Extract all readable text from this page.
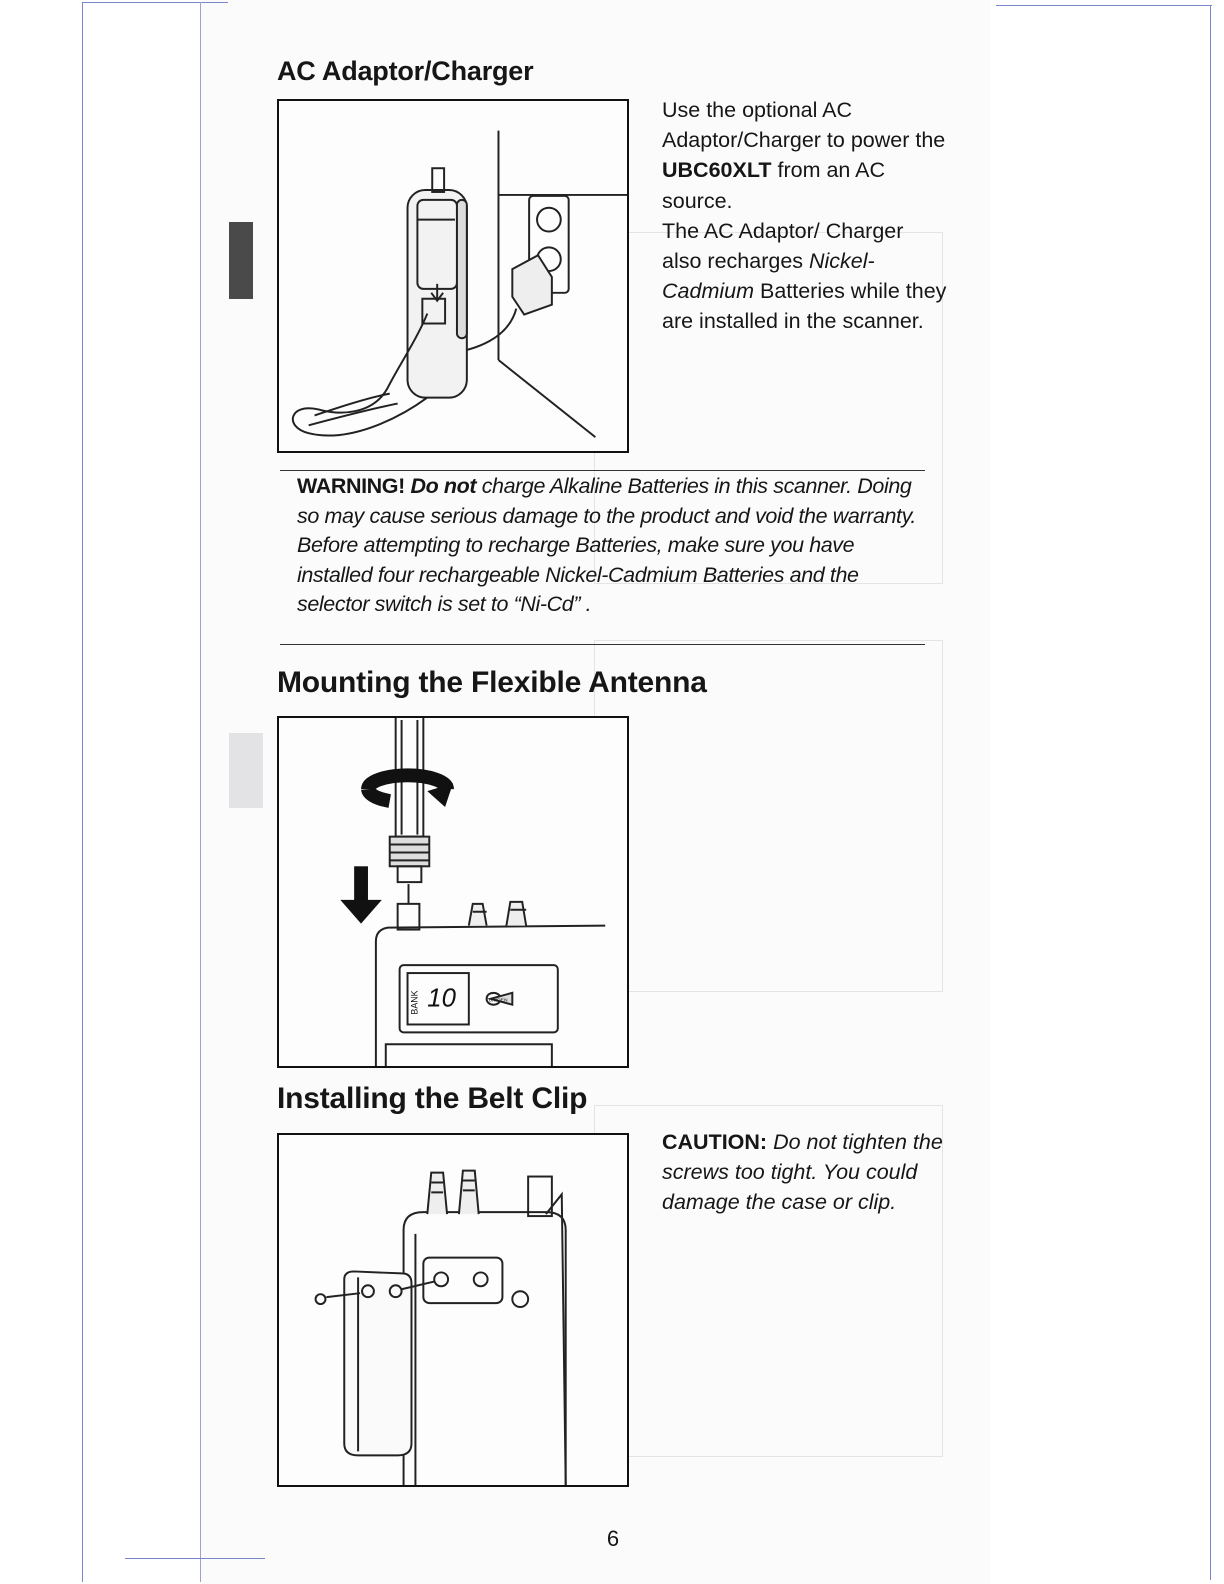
AC Adaptor/Charger
Use the optional AC Adaptor/Charger to power the UBC60XLT from an AC source.
The AC Adaptor/ Charger also recharges Nickel-Cadmium Batteries while they are installed in the scanner.
WARNING! Do not charge Alkaline Batteries in this scanner. Doing so may cause serious damage to the product and void the warranty. Before attempting to recharge Batteries, make sure you have installed four rechargeable Nickel-Cadmium Batteries and the selector switch is set to “Ni-Cd” .
Mounting the Flexible Antenna
10
BANK	UNIDEN
Installing the Belt Clip
CAUTION: Do not tighten the screws too tight. You could damage the case or clip.
6
